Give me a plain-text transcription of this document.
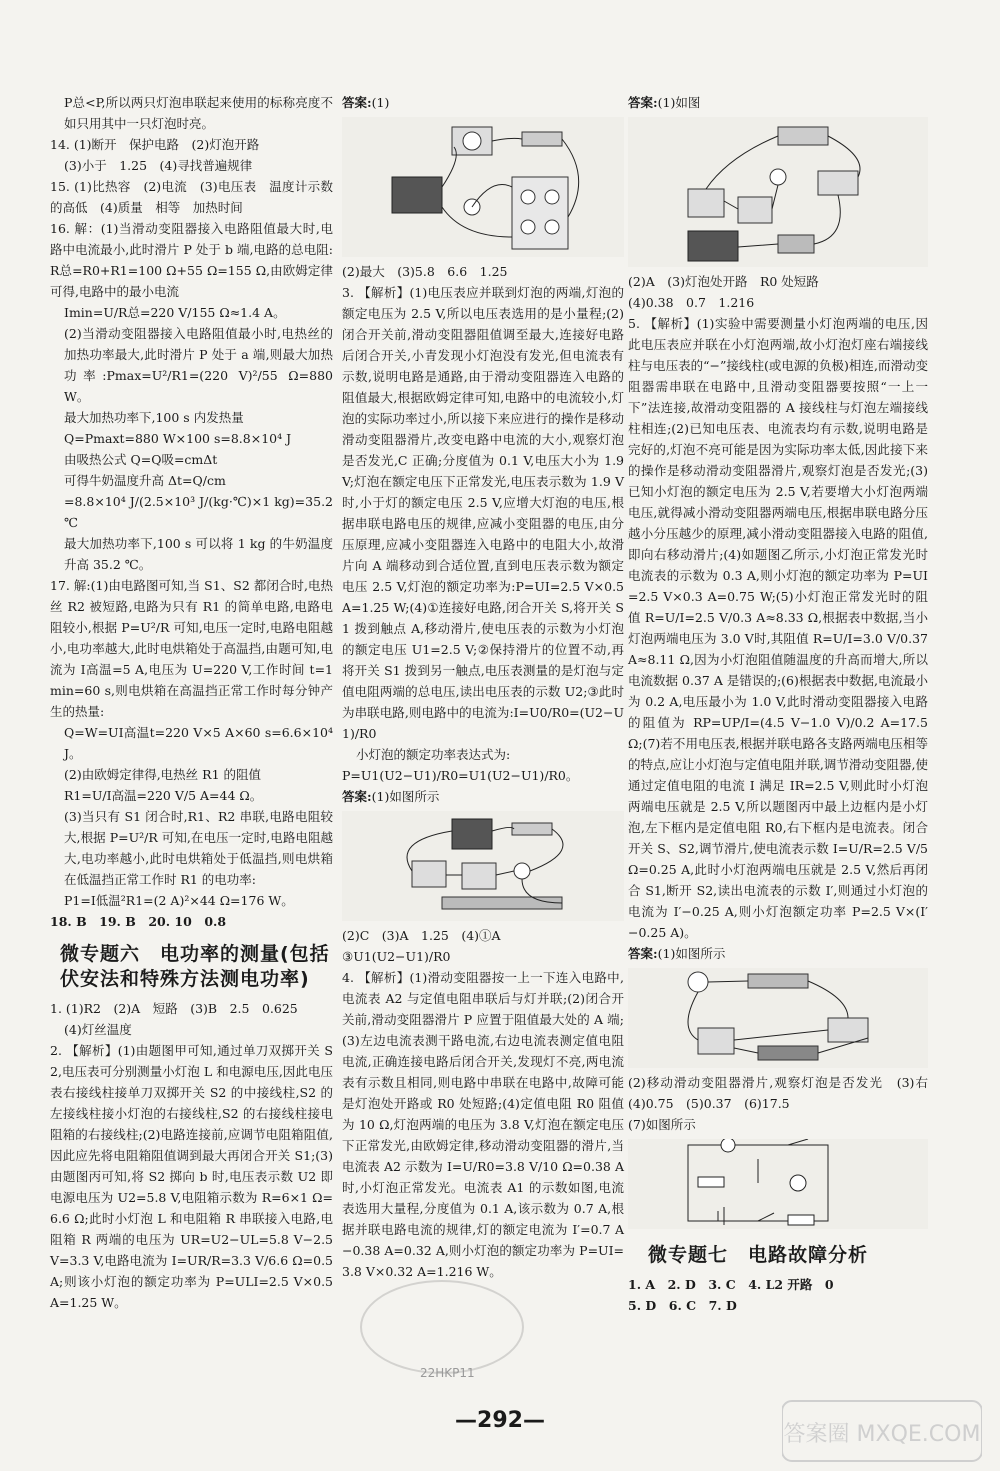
P总<P,所以两只灯泡串联起来使用的标称亮度不如只用其中一只灯泡时亮。

14. (1)断开　保护电路　(2)灯泡开路

(3)小于　1.25　(4)寻找普遍规律

15. (1)比热容　(2)电流　(3)电压表　温度计示数的高低　(4)质量　相等　加热时间

16. 解：(1)当滑动变阻器接入电路阻值最大时,电路中电流最小,此时滑片 P 处于 b 端,电路的总电阻:R总=R0+R1=100 Ω+55 Ω=155 Ω,由欧姆定律可得,电路中的最小电流

Imin=U/R总=220 V/155 Ω≈1.4 A。

(2)当滑动变阻器接入电路阻值最小时,电热丝的加热功率最大,此时滑片 P 处于 a 端,则最大加热功率:Pmax=U²/R1=(220 V)²/55 Ω=880 W。

最大加热功率下,100 s 内发热量

Q=Pmaxt=880 W×100 s=8.8×10⁴ J

由吸热公式 Q=Q吸=cmΔt

可得牛奶温度升高 Δt=Q/cm

=8.8×10⁴ J/(2.5×10³ J/(kg·℃)×1 kg)=35.2 ℃

最大加热功率下,100 s 可以将 1 kg 的牛奶温度升高 35.2 ℃。

17. 解:(1)由电路图可知,当 S1、S2 都闭合时,电热丝 R2 被短路,电路为只有 R1 的简单电路,电路电阻较小,根据 P=U²/R 可知,电压一定时,电路电阻越小,电功率越大,此时电烘箱处于高温挡,由题可知,电流为 I高温=5 A,电压为 U=220 V,工作时间 t=1 min=60 s,则电烘箱在高温挡正常工作时每分钟产生的热量:

Q=W=UI高温t=220 V×5 A×60 s=6.6×10⁴ J。

(2)由欧姆定律得,电热丝 R1 的阻值

R1=U/I高温=220 V/5 A=44 Ω。

(3)当只有 S1 闭合时,R1、R2 串联,电路电阻较大,根据 P=U²/R 可知,在电压一定时,电路电阻越大,电功率越小,此时电烘箱处于低温挡,则电烘箱在低温挡正常工作时 R1 的电功率:

P1=I低温²R1=(2 A)²×44 Ω=176 W。

18. B　19. B　20. 10　0.8

微专题六　电功率的测量(包括伏安法和特殊方法测电功率)

1. (1)R2　(2)A　短路　(3)B　2.5　0.625

(4)灯丝温度

2. 【解析】(1)由题图甲可知,通过单刀双掷开关 S2,电压表可分别测量小灯泡 L 和电源电压,因此电压表右接线柱接单刀双掷开关 S2 的中接线柱,S2 的左接线柱接小灯泡的右接线柱,S2 的右接线柱接电阻箱的右接线柱;(2)电路连接前,应调节电阻箱阻值,因此应先将电阻箱阻值调到最大再闭合开关 S1;(3)由题图丙可知,将 S2 掷向 b 时,电压表示数 U2 即电源电压为 U2=5.8 V,电阻箱示数为 R=6×1 Ω=6.6 Ω;此时小灯泡 L 和电阻箱 R 串联接入电路,电阻箱 R 两端的电压为 UR=U2−UL=5.8 V−2.5 V=3.3 V,电路电流为 I=UR/R=3.3 V/6.6 Ω=0.5 A;则该小灯泡的额定功率为 P=ULI=2.5 V×0.5 A=1.25 W。

答案:(1)

(2)最大　(3)5.8　6.6　1.25

3. 【解析】(1)电压表应并联到灯泡的两端,灯泡的额定电压为 2.5 V,所以电压表选用的是小量程;(2)闭合开关前,滑动变阻器阻值调至最大,连接好电路后闭合开关,小青发现小灯泡没有发光,但电流表有示数,说明电路是通路,由于滑动变阻器连入电路的阻值最大,根据欧姆定律可知,电路中的电流较小,灯泡的实际功率过小,所以接下来应进行的操作是移动滑动变阻器滑片,改变电路中电流的大小,观察灯泡是否发光,C 正确;分度值为 0.1 V,电压大小为 1.9 V;灯泡在额定电压下正常发光,电压表示数为 1.9 V时,小于灯的额定电压 2.5 V,应增大灯泡的电压,根据串联电路电压的规律,应减小变阻器的电压,由分压原理,应减小变阻器连入电路中的电阻大小,故滑片向 A 端移动到合适位置,直到电压表示数为额定电压 2.5 V,灯泡的额定功率为:P=UI=2.5 V×0.5 A=1.25 W;(4)①连接好电路,闭合开关 S,将开关 S1 拨到触点 A,移动滑片,使电压表的示数为小灯泡的额定电压 U1=2.5 V;②保持滑片的位置不动,再将开关 S1 拨到另一触点,电压表测量的是灯泡与定值电阻两端的总电压,读出电压表的示数 U2;③此时为串联电路,则电路中的电流为:I=U0/R0=(U2−U1)/R0

小灯泡的额定功率表达式为:

P=U1(U2−U1)/R0=U1(U2−U1)/R0。

答案:(1)如图所示

(2)C　(3)A　1.25　(4)①A

③U1(U2−U1)/R0

4. 【解析】(1)滑动变阻器按一上一下连入电路中,电流表 A2 与定值电阻串联后与灯并联;(2)闭合开关前,滑动变阻器滑片 P 应置于阻值最大处的 A 端;(3)左边电流表测干路电流,右边电流表测定值电阻电流,正确连接电路后闭合开关,发现灯不亮,两电流表有示数且相同,则电路中串联在电路中,故障可能是灯泡处开路或 R0 处短路;(4)定值电阻 R0 阻值为 10 Ω,灯泡两端的电压为 3.8 V,灯泡在额定电压下正常发光,由欧姆定律,移动滑动变阻器的滑片,当电流表 A2 示数为 I=U/R0=3.8 V/10 Ω=0.38 A 时,小灯泡正常发光。电流表 A1 的示数如图,电流表选用大量程,分度值为 0.1 A,该示数为 0.7 A,根据并联电路电流的规律,灯的额定电流为 I′=0.7 A−0.38 A=0.32 A,则小灯泡的额定功率为 P=UI=3.8 V×0.32 A=1.216 W。

答案:(1)如图

(2)A　(3)灯泡处开路　R0 处短路

(4)0.38　0.7　1.216

5. 【解析】(1)实验中需要测量小灯泡两端的电压,因此电压表应并联在小灯泡两端,故小灯泡灯座右端接线柱与电压表的“−”接线柱(或电源的负极)相连,而滑动变阻器需串联在电路中,且滑动变阻器要按照“一上一下”法连接,故滑动变阻器的 A 接线柱与灯泡左端接线柱相连;(2)已知电压表、电流表均有示数,说明电路是完好的,灯泡不亮可能是因为实际功率太低,因此接下来的操作是移动滑动变阻器滑片,观察灯泡是否发光;(3)已知小灯泡的额定电压为 2.5 V,若要增大小灯泡两端电压,就得减小滑动变阻器两端电压,根据串联电路分压越小分压越少的原理,减小滑动变阻器接入电路的阻值,即向右移动滑片;(4)如题图乙所示,小灯泡正常发光时电流表的示数为 0.3 A,则小灯泡的额定功率为 P=UI=2.5 V×0.3 A=0.75 W;(5)小灯泡正常发光时的阻值 R=U/I=2.5 V/0.3 A≈8.33 Ω,根据表中数据,当小灯泡两端电压为 3.0 V时,其阻值 R=U/I=3.0 V/0.37 A≈8.11 Ω,因为小灯泡阻值随温度的升高而增大,所以电流数据 0.37 A 是错误的;(6)根据表中数据,电流最小为 0.2 A,电压最小为 1.0 V,此时滑动变阻器接入电路的阻值为 RP=UP/I=(4.5 V−1.0 V)/0.2 A=17.5 Ω;(7)若不用电压表,根据并联电路各支路两端电压相等的特点,应让小灯泡与定值电阻并联,调节滑动变阻器,使通过定值电阻的电流 I 满足 IR=2.5 V,则此时小灯泡两端电压就是 2.5 V,所以题图丙中最上边框内是小灯泡,左下框内是定值电阻 R0,右下框内是电流表。闭合开关 S、S2,调节滑片,使电流表示数 I=U/R=2.5 V/5 Ω=0.25 A,此时小灯泡两端电压就是 2.5 V,然后再闭合 S1,断开 S2,读出电流表的示数 I′,则通过小灯泡的电流为 I′−0.25 A,则小灯泡额定功率 P=2.5 V×(I′−0.25 A)。

答案:(1)如图所示

(2)移动滑动变阻器滑片,观察灯泡是否发光　(3)右　(4)0.75　(5)0.37　(6)17.5

(7)如图所示

微专题七　电路故障分析

1. A　2. D　3. C　4. L2 开路　0

5. D　6. C　7. D

22HKP11
—292—
答案圈 MXQE.COM
